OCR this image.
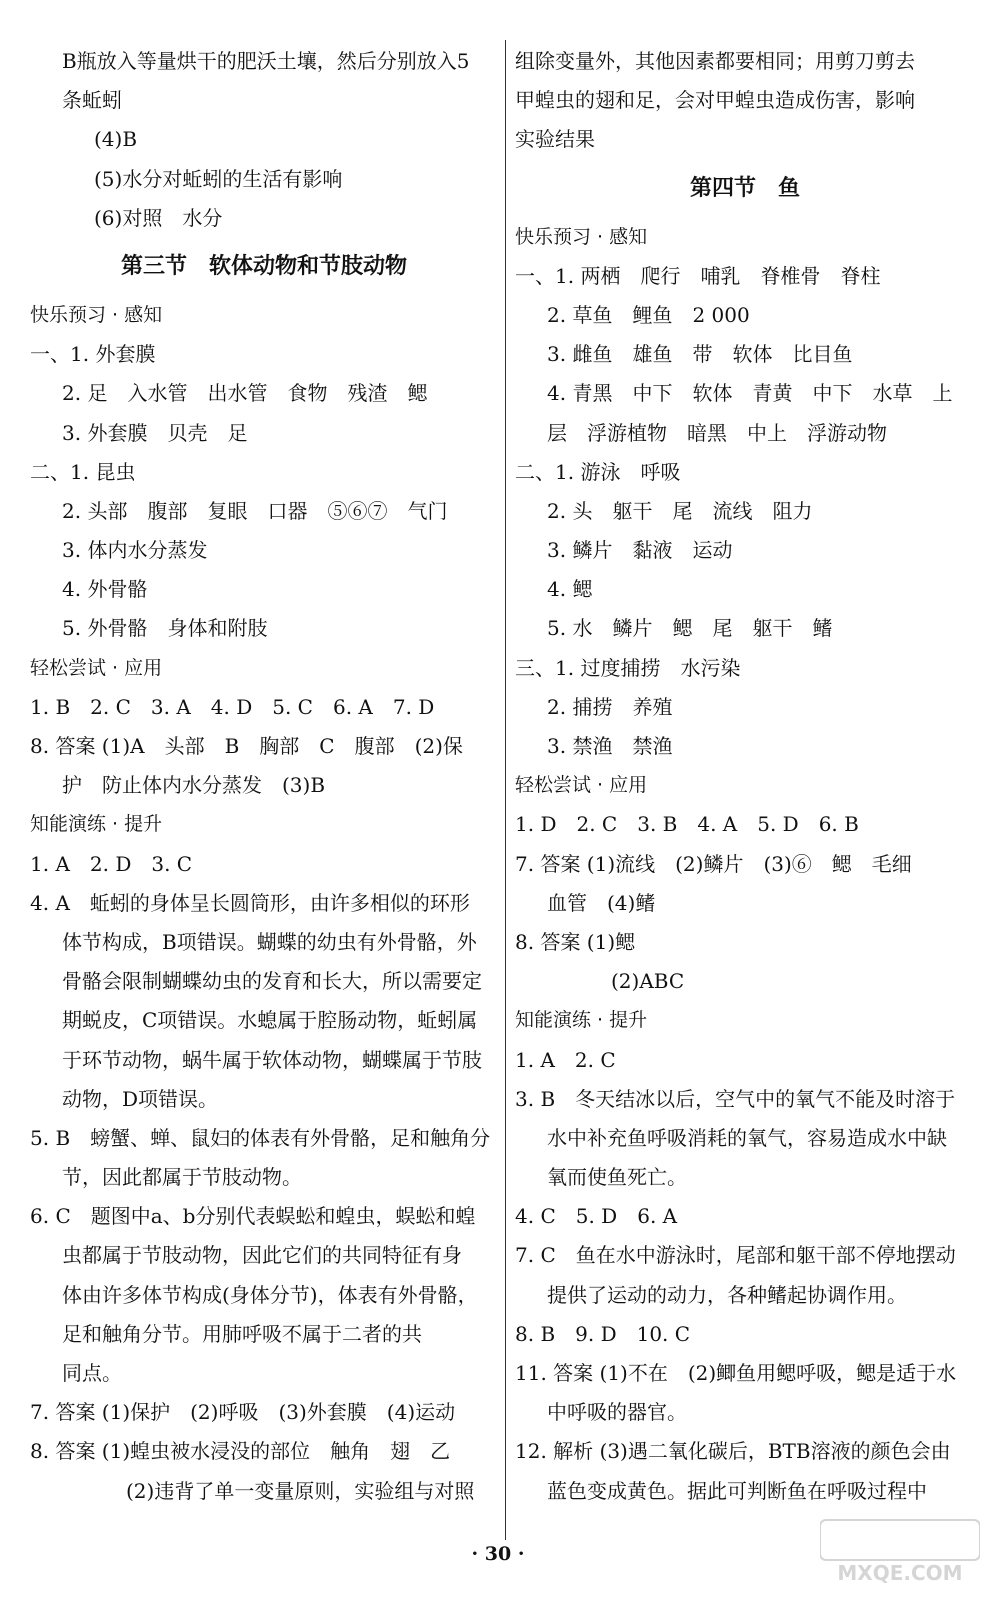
B瓶放入等量烘干的肥沃土壤，然后分别放入5
条蚯蚓
(4)B
(5)水分对蚯蚓的生活有影响
(6)对照　水分
第三节　软体动物和节肢动物
快乐预习 · 感知
一、1. 外套膜
2. 足　入水管　出水管　食物　残渣　鳃
3. 外套膜　贝壳　足
二、1. 昆虫
2. 头部　腹部　复眼　口器　⑤⑥⑦　气门
3. 体内水分蒸发
4. 外骨骼
5. 外骨骼　身体和附肢
轻松尝试 · 应用
1. B　2. C　3. A　4. D　5. C　6. A　7. D
8. 答案 (1)A　头部　B　胸部　C　腹部　(2)保
护　防止体内水分蒸发　(3)B
知能演练 · 提升
1. A　2. D　3. C
4. A　蚯蚓的身体呈长圆筒形，由许多相似的环形
体节构成，B项错误。蝴蝶的幼虫有外骨骼，外
骨骼会限制蝴蝶幼虫的发育和长大，所以需要定
期蜕皮，C项错误。水螅属于腔肠动物，蚯蚓属
于环节动物，蜗牛属于软体动物，蝴蝶属于节肢
动物，D项错误。
5. B　螃蟹、蝉、鼠妇的体表有外骨骼，足和触角分
节，因此都属于节肢动物。
6. C　题图中a、b分别代表蜈蚣和蝗虫，蜈蚣和蝗
虫都属于节肢动物，因此它们的共同特征有身
体由许多体节构成(身体分节)，体表有外骨骼，
足和触角分节。用肺呼吸不属于二者的共
同点。
7. 答案 (1)保护　(2)呼吸　(3)外套膜　(4)运动
8. 答案 (1)蝗虫被水浸没的部位　触角　翅　乙
(2)违背了单一变量原则，实验组与对照
组除变量外，其他因素都要相同；用剪刀剪去
甲蝗虫的翅和足，会对甲蝗虫造成伤害，影响
实验结果
第四节　鱼
快乐预习 · 感知
一、1. 两栖　爬行　哺乳　脊椎骨　脊柱
2. 草鱼　鲤鱼　2 000
3. 雌鱼　雄鱼　带　软体　比目鱼
4. 青黑　中下　软体　青黄　中下　水草　上
层　浮游植物　暗黑　中上　浮游动物
二、1. 游泳　呼吸
2. 头　躯干　尾　流线　阻力
3. 鳞片　黏液　运动
4. 鳃
5. 水　鳞片　鳃　尾　躯干　鳍
三、1. 过度捕捞　水污染
2. 捕捞　养殖
3. 禁渔　禁渔
轻松尝试 · 应用
1. D　2. C　3. B　4. A　5. D　6. B
7. 答案 (1)流线　(2)鳞片　(3)⑥　鳃　毛细
血管　(4)鳍
8. 答案 (1)鳃
(2)ABC
知能演练 · 提升
1. A　2. C
3. B　冬天结冰以后，空气中的氧气不能及时溶于
水中补充鱼呼吸消耗的氧气，容易造成水中缺
氧而使鱼死亡。
4. C　5. D　6. A
7. C　鱼在水中游泳时，尾部和躯干部不停地摆动
提供了运动的动力，各种鳍起协调作用。
8. B　9. D　10. C
11. 答案 (1)不在　(2)鲫鱼用鳃呼吸，鳃是适于水
中呼吸的器官。
12. 解析 (3)遇二氧化碳后，BTB溶液的颜色会由
蓝色变成黄色。据此可判断鱼在呼吸过程中
· 30 ·
MXQE.COM
